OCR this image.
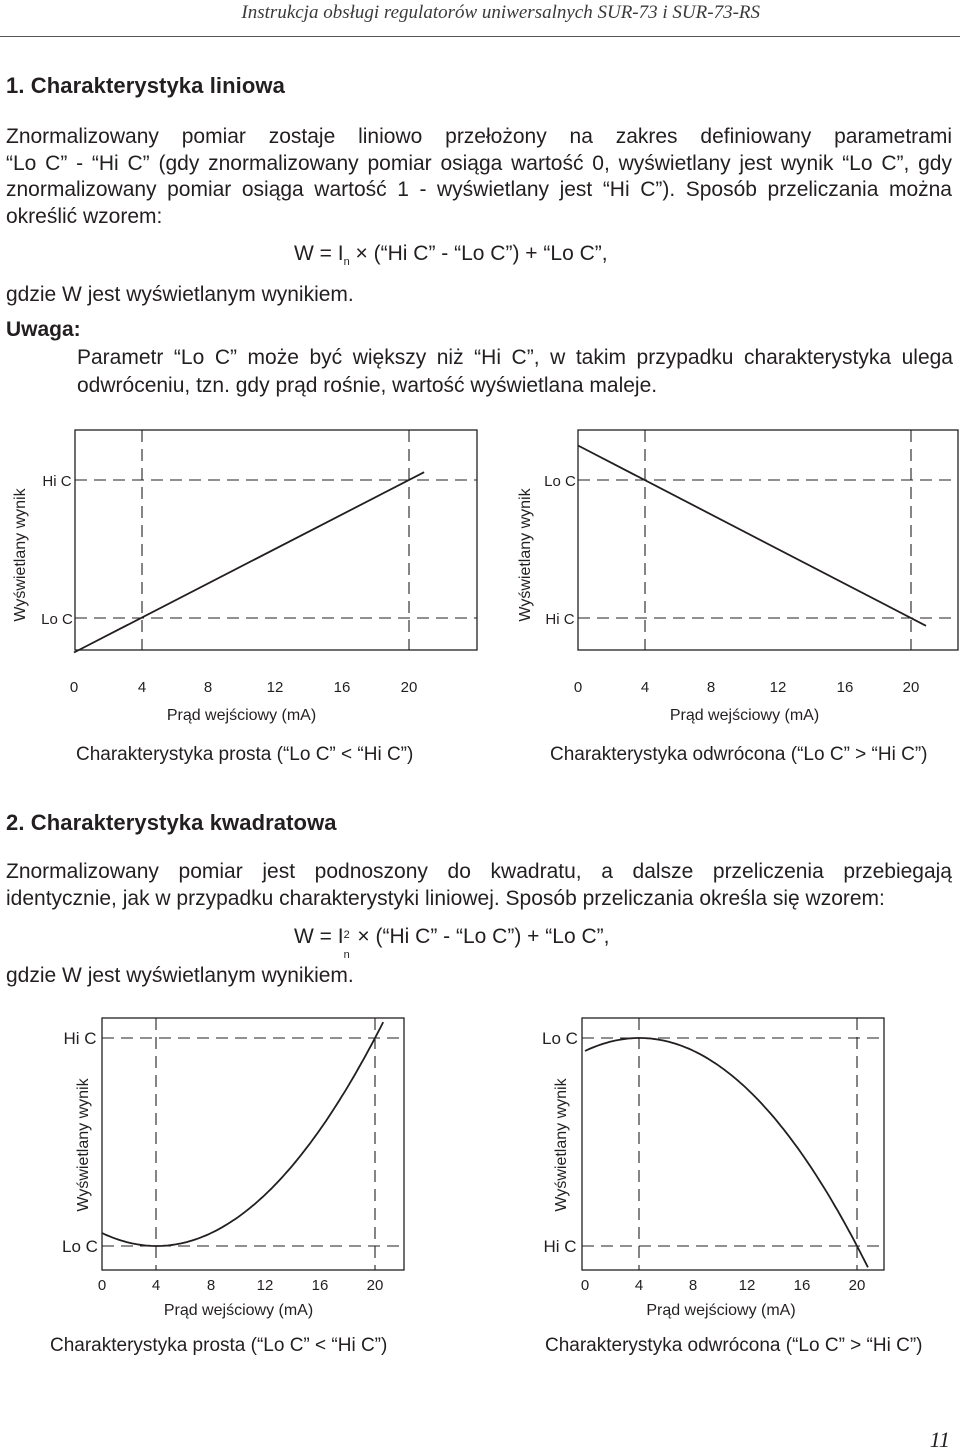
Instrukcja obsługi regulatorów uniwersalnych SUR-73 i SUR-73-RS
1. Charakterystyka liniowa
Znormalizowany pomiar zostaje liniowo przełożony na zakres definiowany parametrami
“Lo C” - “Hi C” (gdy znormalizowany pomiar osiąga wartość 0, wyświetlany jest wynik “Lo C”, gdy
znormalizowany pomiar osiąga wartość 1 - wyświetlany jest “Hi C”). Sposób przeliczania można
określić wzorem:
$W = I_n$ × (“Hi C” - “Lo C”) + “Lo C”,
gdzie W jest wyświetlanym wynikiem.
Uwaga:
Parametr “Lo C” może być większy niż “Hi C”, w takim przypadku charakterystyka ulega
odwróceniu, tzn. gdy prąd rośnie, wartość wyświetlana maleje.
0	4	8	12	16	20
Hi C
Lo C
Prąd wejściowy (mA)
Wyświetlany wynik
0	4	8	12	16	20
Lo C
Hi C
Prąd wejściowy (mA)
Wyświetlany wynik
0	4	8	12	16	20
Hi C
Lo C
Prąd wejściowy (mA)
Wyświetlany wynik
0	4	8	12	16	20
Lo C
Hi C
Prąd wejściowy (mA)
Wyświetlany wynik
Charakterystyka prosta (“Lo C” < “Hi C”)	Charakterystyka odwrócona (“Lo C” > “Hi C”)
2. Charakterystyka kwadratowa
Znormalizowany pomiar jest podnoszony do kwadratu, a dalsze przeliczenia przebiegają
identycznie, jak w przypadku charakterystyki liniowej. Sposób przeliczania określa się wzorem:
W = I 2
n
× (“Hi C” - “Lo C”) + “Lo C”,
gdzie W jest wyświetlanym wynikiem.
Charakterystyka prosta (“Lo C” < “Hi C”)	Charakterystyka odwrócona (“Lo C” > “Hi C”)
11
